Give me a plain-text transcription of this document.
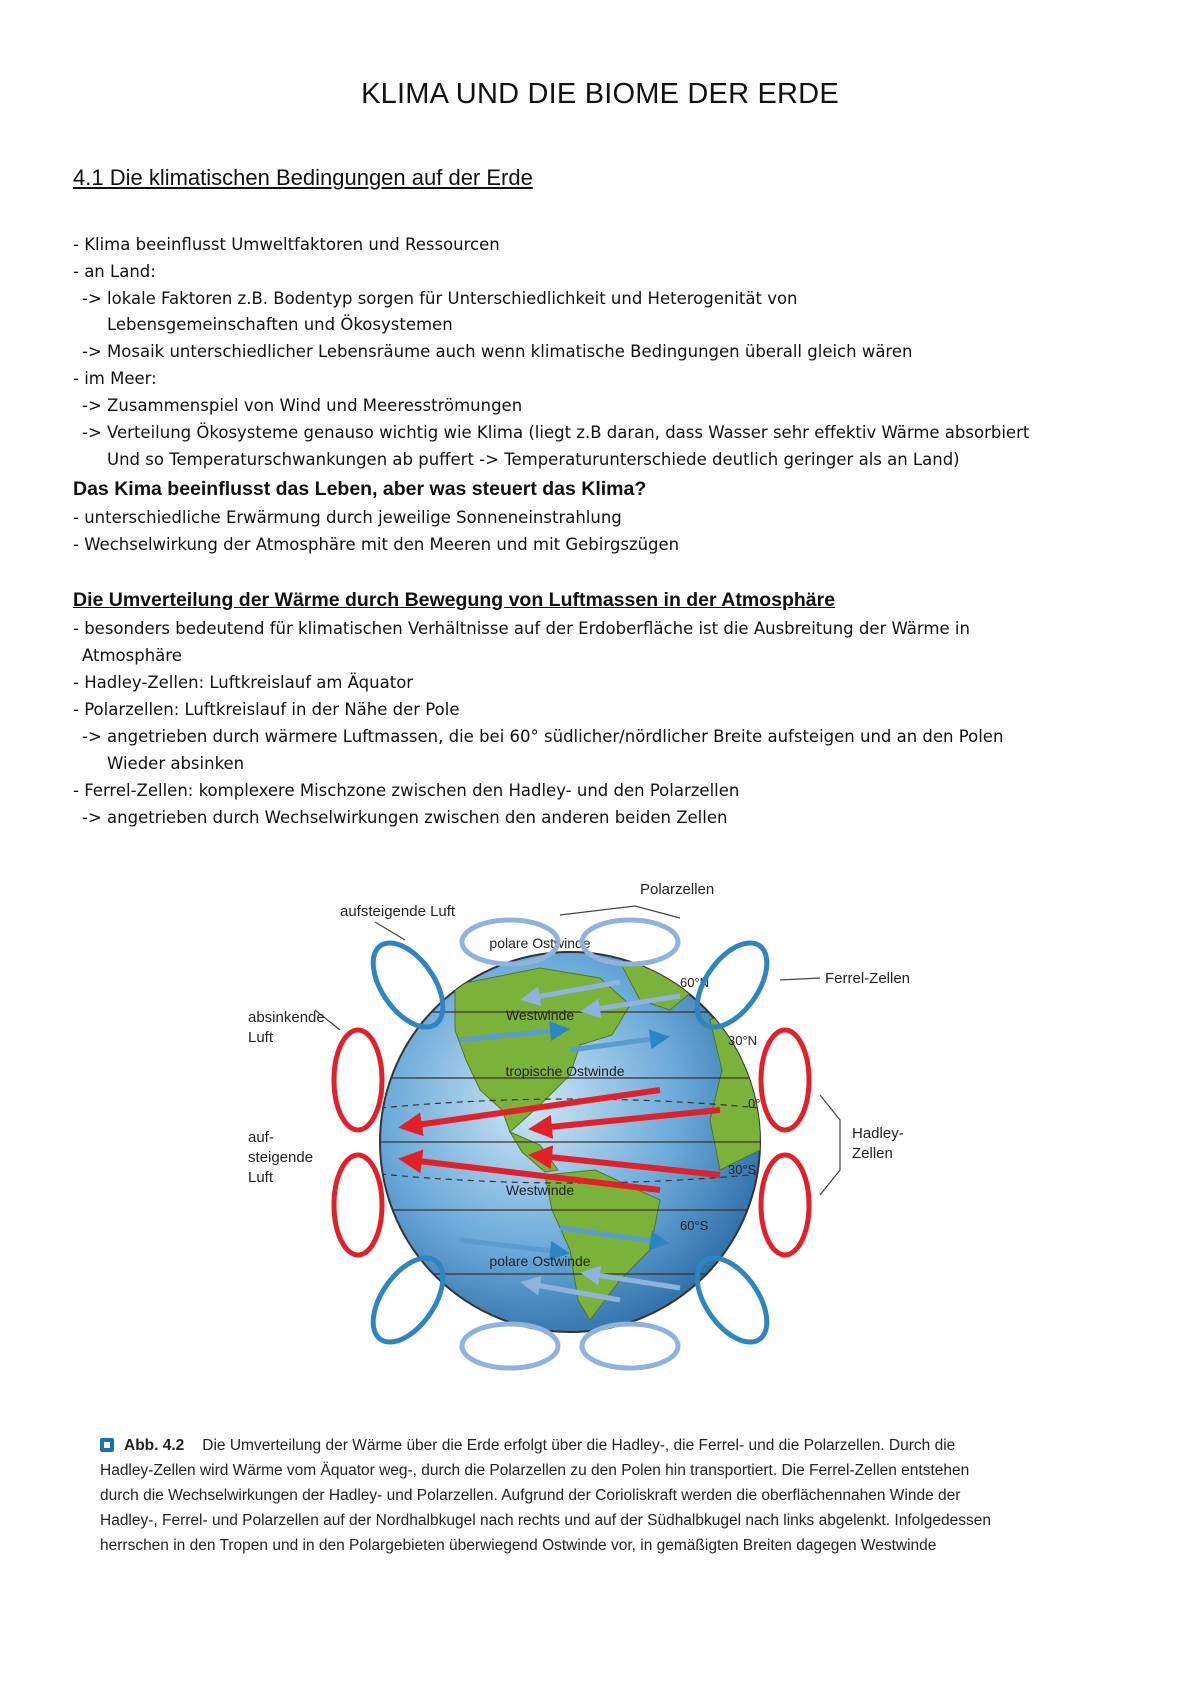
KLIMA UND DIE BIOME DER ERDE
4.1 Die klimatischen Bedingungen auf der Erde
- Klima beeinflusst Umweltfaktoren und Ressourcen
- an Land:
-> lokale Faktoren z.B. Bodentyp sorgen für Unterschiedlichkeit und Heterogenität von
Lebensgemeinschaften und Ökosystemen
-> Mosaik unterschiedlicher Lebensräume auch wenn klimatische Bedingungen überall gleich wären
- im Meer:
-> Zusammenspiel von Wind und Meeresströmungen
-> Verteilung Ökosysteme genauso wichtig wie Klima (liegt z.B daran, dass Wasser sehr effektiv Wärme absorbiert
Und so Temperaturschwankungen ab puffert -> Temperaturunterschiede deutlich geringer als an Land)
Das Kima beeinflusst das Leben, aber was steuert das Klima?
- unterschiedliche Erwärmung durch jeweilige Sonneneinstrahlung
- Wechselwirkung der Atmosphäre mit den Meeren und mit Gebirgszügen
Die Umverteilung der Wärme durch Bewegung von Luftmassen in der Atmosphäre
- besonders bedeutend für klimatischen Verhältnisse auf der Erdoberfläche ist die Ausbreitung der Wärme in
Atmosphäre
- Hadley-Zellen: Luftkreislauf am Äquator
- Polarzellen: Luftkreislauf in der Nähe der Pole
-> angetrieben durch wärmere Luftmassen, die bei 60° südlicher/nördlicher Breite aufsteigen und an den Polen
Wieder absinken
- Ferrel-Zellen: komplexere Mischzone zwischen den Hadley- und den Polarzellen
-> angetrieben durch Wechselwirkungen zwischen den anderen beiden Zellen
polare Ostwinde
Westwinde
tropische Ostwinde
Westwinde
polare Ostwinde
60°N
30°N
0°
30°S
60°S
Polarzellen
aufsteigende Luft
Ferrel-Zellen
absinkende
Luft
auf-
steigende
Luft
Hadley-
Zellen
Abb. 4.2 Die Umverteilung der Wärme über die Erde erfolgt über die Hadley-, die Ferrel- und die Polarzellen. Durch die
Hadley-Zellen wird Wärme vom Äquator weg-, durch die Polarzellen zu den Polen hin transportiert. Die Ferrel-Zellen entstehen
durch die Wechselwirkungen der Hadley- und Polarzellen. Aufgrund der Corioliskraft werden die oberflächennahen Winde der
Hadley-, Ferrel- und Polarzellen auf der Nordhalbkugel nach rechts und auf der Südhalbkugel nach links abgelenkt. Infolgedessen
herrschen in den Tropen und in den Polargebieten überwiegend Ostwinde vor, in gemäßigten Breiten dagegen Westwinde
